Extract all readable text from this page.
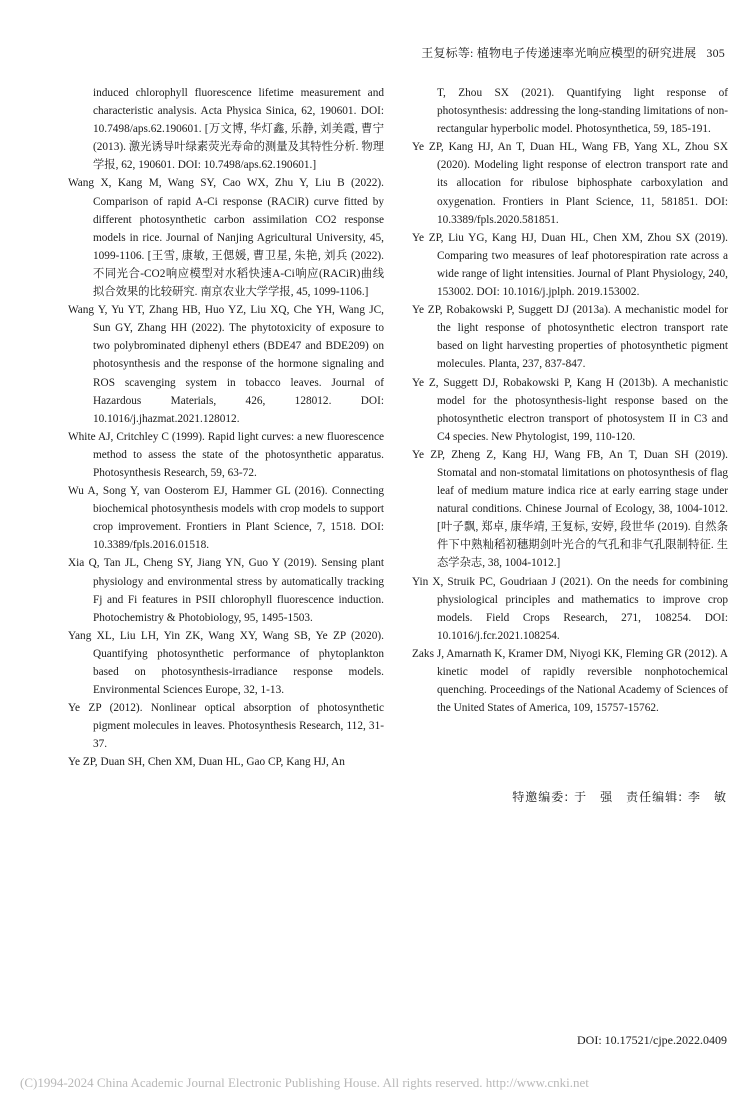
王复标等: 植物电子传递速率光响应模型的研究进展 305
induced chlorophyll fluorescence lifetime measurement and characteristic analysis. Acta Physica Sinica, 62, 190601. DOI: 10.7498/aps.62.190601. [万文博, 华灯鑫, 乐静, 刘美霞, 曹宁 (2013). 激光诱导叶绿素荧光寿命的测量及其特性分析. 物理学报, 62, 190601. DOI: 10.7498/aps.62.190601.]
Wang X, Kang M, Wang SY, Cao WX, Zhu Y, Liu B (2022). Comparison of rapid A-Ci response (RACiR) curve fitted by different photosynthetic carbon assimilation CO2 response models in rice. Journal of Nanjing Agricultural University, 45, 1099-1106. [王雪, 康敏, 王偲媛, 曹卫星, 朱艳, 刘兵 (2022). 不同光合-CO2响应模型对水稻快速A-Ci响应(RACiR)曲线拟合效果的比较研究. 南京农业大学学报, 45, 1099-1106.]
Wang Y, Yu YT, Zhang HB, Huo YZ, Liu XQ, Che YH, Wang JC, Sun GY, Zhang HH (2022). The phytotoxicity of exposure to two polybrominated diphenyl ethers (BDE47 and BDE209) on photosynthesis and the response of the hormone signaling and ROS scavenging system in tobacco leaves. Journal of Hazardous Materials, 426, 128012. DOI: 10.1016/j.jhazmat.2021.128012.
White AJ, Critchley C (1999). Rapid light curves: a new fluorescence method to assess the state of the photosynthetic apparatus. Photosynthesis Research, 59, 63-72.
Wu A, Song Y, van Oosterom EJ, Hammer GL (2016). Connecting biochemical photosynthesis models with crop models to support crop improvement. Frontiers in Plant Science, 7, 1518. DOI: 10.3389/fpls.2016.01518.
Xia Q, Tan JL, Cheng SY, Jiang YN, Guo Y (2019). Sensing plant physiology and environmental stress by automatically tracking Fj and Fi features in PSII chlorophyll fluorescence induction. Photochemistry & Photobiology, 95, 1495-1503.
Yang XL, Liu LH, Yin ZK, Wang XY, Wang SB, Ye ZP (2020). Quantifying photosynthetic performance of phytoplankton based on photosynthesis-irradiance response models. Environmental Sciences Europe, 32, 1-13.
Ye ZP (2012). Nonlinear optical absorption of photosynthetic pigment molecules in leaves. Photosynthesis Research, 112, 31-37.
Ye ZP, Duan SH, Chen XM, Duan HL, Gao CP, Kang HJ, An
T, Zhou SX (2021). Quantifying light response of photosynthesis: addressing the long-standing limitations of non-rectangular hyperbolic model. Photosynthetica, 59, 185-191.
Ye ZP, Kang HJ, An T, Duan HL, Wang FB, Yang XL, Zhou SX (2020). Modeling light response of electron transport rate and its allocation for ribulose biphosphate carboxylation and oxygenation. Frontiers in Plant Science, 11, 581851. DOI: 10.3389/fpls.2020.581851.
Ye ZP, Liu YG, Kang HJ, Duan HL, Chen XM, Zhou SX (2019). Comparing two measures of leaf photorespiration rate across a wide range of light intensities. Journal of Plant Physiology, 240, 153002. DOI: 10.1016/j.jplph. 2019.153002.
Ye ZP, Robakowski P, Suggett DJ (2013a). A mechanistic model for the light response of photosynthetic electron transport rate based on light harvesting properties of photosynthetic pigment molecules. Planta, 237, 837-847.
Ye Z, Suggett DJ, Robakowski P, Kang H (2013b). A mechanistic model for the photosynthesis-light response based on the photosynthetic electron transport of photosystem II in C3 and C4 species. New Phytologist, 199, 110-120.
Ye ZP, Zheng Z, Kang HJ, Wang FB, An T, Duan SH (2019). Stomatal and non-stomatal limitations on photosynthesis of flag leaf of medium mature indica rice at early earring stage under natural conditions. Chinese Journal of Ecology, 38, 1004-1012. [叶子飘, 郑卓, 康华靖, 王复标, 安婷, 段世华 (2019). 自然条件下中熟籼稻初穗期剑叶光合的气孔和非气孔限制特征. 生态学杂志, 38, 1004-1012.]
Yin X, Struik PC, Goudriaan J (2021). On the needs for combining physiological principles and mathematics to improve crop models. Field Crops Research, 271, 108254. DOI: 10.1016/j.fcr.2021.108254.
Zaks J, Amarnath K, Kramer DM, Niyogi KK, Fleming GR (2012). A kinetic model of rapidly reversible nonphotochemical quenching. Proceedings of the National Academy of Sciences of the United States of America, 109, 15757-15762.
特邀编委: 于　强　责任编辑: 李　敏
DOI: 10.17521/cjpe.2022.0409
(C)1994-2024 China Academic Journal Electronic Publishing House. All rights reserved. http://www.cnki.net
